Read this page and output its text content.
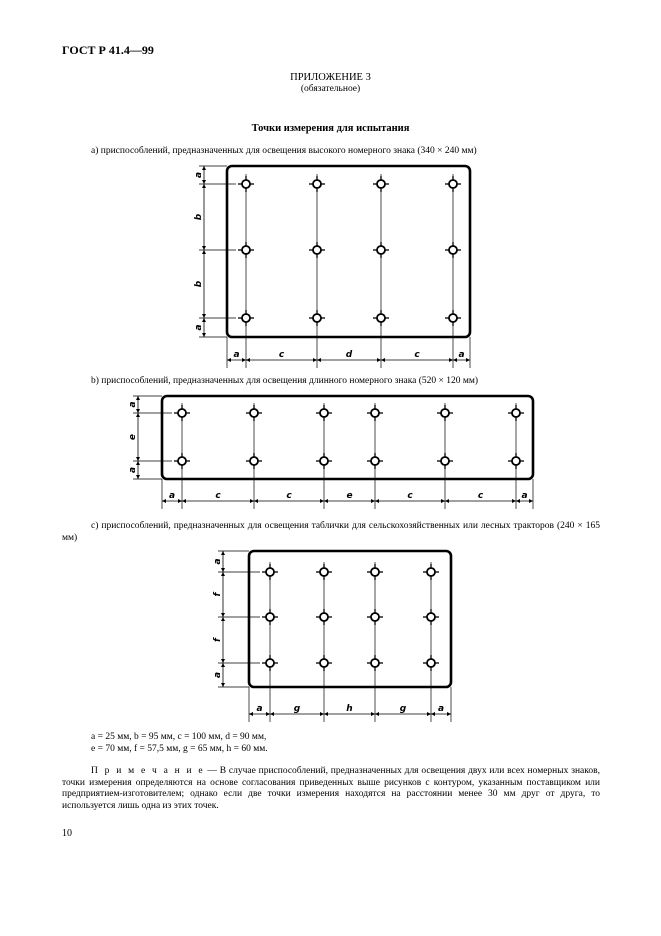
ГОСТ Р 41.4—99
ПРИЛОЖЕНИЕ 3
(обязательное)
Точки измерения для испытания
а) приспособлений, предназначенных для освещения высокого номерного знака (340 × 240 мм)
a	c	d	c	a
a
b
b
a
a	c	c	e	c	c	a
a
e
a
a	g	h	g	a
a
f
f
a
b) приспособлений, предназначенных для освещения длинного номерного знака (520 × 120 мм)
с) приспособлений, предназначенных для освещения таблички для сельскохозяйственных или лесных тракторов (240 × 165 мм)
a = 25 мм, b = 95 мм, c = 100 мм, d = 90 мм,
e = 70 мм, f = 57,5 мм, g = 65 мм, h = 60 мм.
П р и м е ч а н и е — В случае приспособлений, предназначенных для освещения двух или всех номерных знаков, точки измерения определяются на основе согласования приведенных выше рисунков с контуром, указанным поставщиком или предприятием-изготовителем; однако если две точки измерения находятся на расстоянии менее 30 мм друг от друга, то используется лишь одна из этих точек.
10
